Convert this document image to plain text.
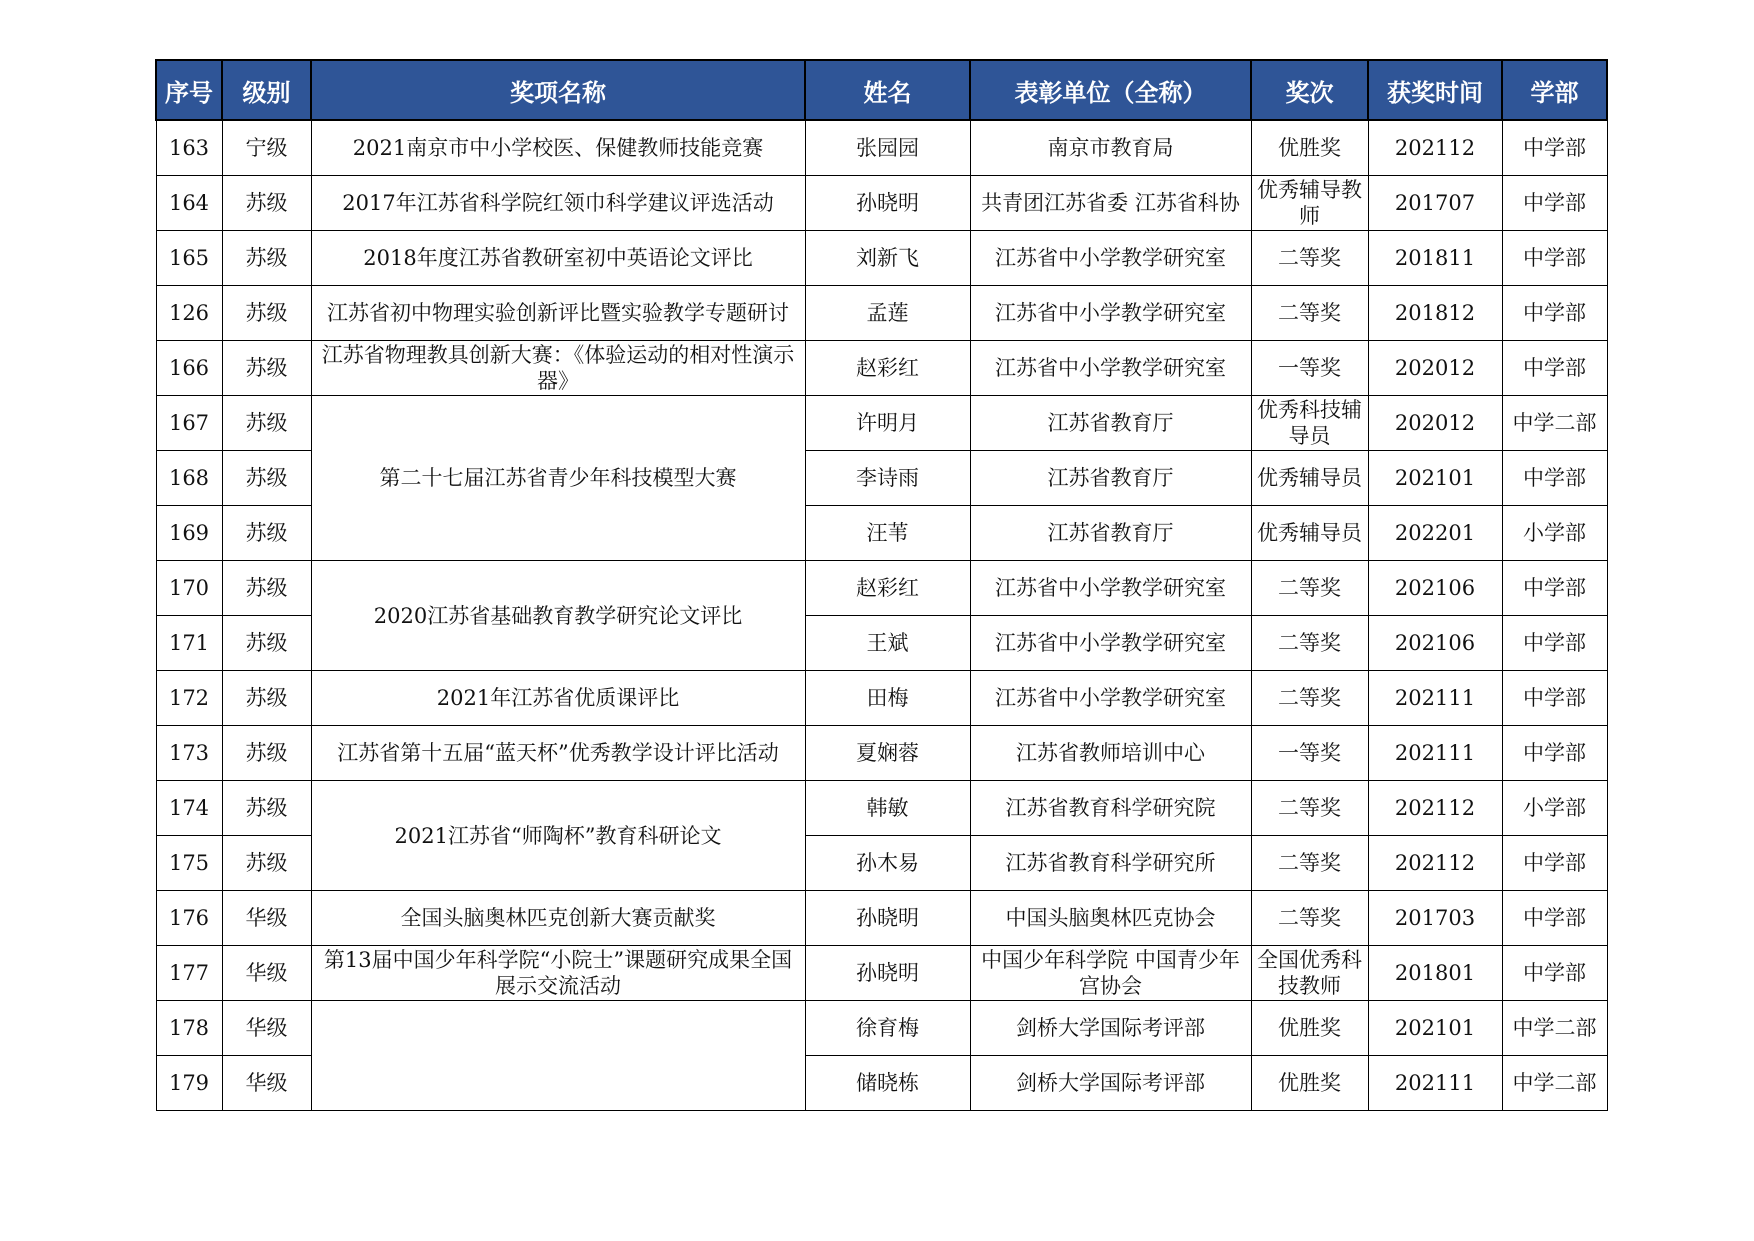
序号	级别	奖项名称	姓名	表彰单位（全称）	奖次	获奖时间	学部
163	宁级	2021南京市中小学校医、保健教师技能竞赛	张园园	南京市教育局	优胜奖	202112	中学部
164	苏级	2017年江苏省科学院红领巾科学建议评选活动	孙晓明	共青团江苏省委 江苏省科协	优秀辅导教师	201707	中学部
165	苏级	2018年度江苏省教研室初中英语论文评比	刘新飞	江苏省中小学教学研究室	二等奖	201811	中学部
126	苏级	江苏省初中物理实验创新评比暨实验教学专题研讨	孟莲	江苏省中小学教学研究室	二等奖	201812	中学部
166	苏级	江苏省物理教具创新大赛：《体验运动的相对性演示器》	赵彩红	江苏省中小学教学研究室	一等奖	202012	中学部
167	苏级	第二十七届江苏省青少年科技模型大赛	许明月	江苏省教育厅	优秀科技辅导员	202012	中学二部
168	苏级		李诗雨	江苏省教育厅	优秀辅导员	202101	中学部
169	苏级		汪苇	江苏省教育厅	优秀辅导员	202201	小学部
170	苏级	2020江苏省基础教育教学研究论文评比	赵彩红	江苏省中小学教学研究室	二等奖	202106	中学部
171	苏级		王斌	江苏省中小学教学研究室	二等奖	202106	中学部
172	苏级	2021年江苏省优质课评比	田梅	江苏省中小学教学研究室	二等奖	202111	中学部
173	苏级	江苏省第十五届“蓝天杯”优秀教学设计评比活动	夏娴蓉	江苏省教师培训中心	一等奖	202111	中学部
174	苏级	2021江苏省“师陶杯”教育科研论文	韩敏	江苏省教育科学研究院	二等奖	202112	小学部
175	苏级		孙木易	江苏省教育科学研究所	二等奖	202112	中学部
176	华级	全国头脑奥林匹克创新大赛贡献奖	孙晓明	中国头脑奥林匹克协会	二等奖	201703	中学部
177	华级	第13届中国少年科学院“小院士”课题研究成果全国展示交流活动	孙晓明	中国少年科学院 中国青少年宫协会	全国优秀科技教师	201801	中学部
178	华级		徐育梅	剑桥大学国际考评部	优胜奖	202101	中学二部
179	华级		储晓栋	剑桥大学国际考评部	优胜奖	202111	中学二部
